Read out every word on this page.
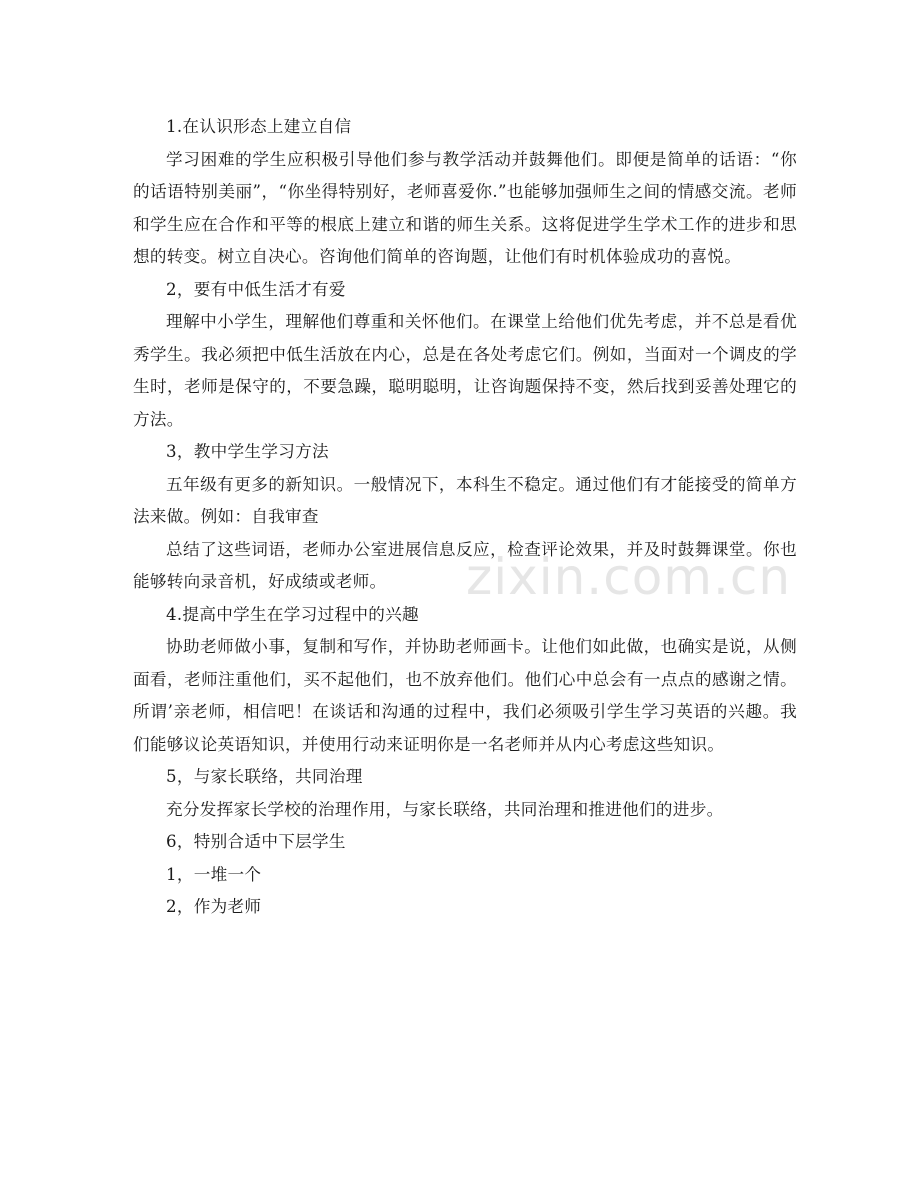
zixin.com.cn

1.在认识形态上建立自信

学习困难的学生应积极引导他们参与教学活动并鼓舞他们。即便是简单的话语：“你的话语特别美丽”，“你坐得特别好，老师喜爱你.”也能够加强师生之间的情感交流。老师和学生应在合作和平等的根底上建立和谐的师生关系。这将促进学生学术工作的进步和思想的转变。树立自决心。咨询他们简单的咨询题，让他们有时机体验成功的喜悦。

2，要有中低生活才有爱

理解中小学生，理解他们尊重和关怀他们。在课堂上给他们优先考虑，并不总是看优秀学生。我必须把中低生活放在内心，总是在各处考虑它们。例如，当面对一个调皮的学生时，老师是保守的，不要急躁，聪明聪明，让咨询题保持不变，然后找到妥善处理它的方法。

3，教中学生学习方法

五年级有更多的新知识。一般情况下，本科生不稳定。通过他们有才能接受的简单方法来做。例如：自我审查

总结了这些词语，老师办公室进展信息反应，检查评论效果，并及时鼓舞课堂。你也能够转向录音机，好成绩或老师。

4.提高中学生在学习过程中的兴趣

协助老师做小事，复制和写作，并协助老师画卡。让他们如此做，也确实是说，从侧面看，老师注重他们，买不起他们，也不放弃他们。他们心中总会有一点点的感谢之情。所谓’亲老师，相信吧！在谈话和沟通的过程中，我们必须吸引学生学习英语的兴趣。我们能够议论英语知识，并使用行动来证明你是一名老师并从内心考虑这些知识。

5，与家长联络，共同治理

充分发挥家长学校的治理作用，与家长联络，共同治理和推进他们的进步。

6，特别合适中下层学生

1，一堆一个

2，作为老师
